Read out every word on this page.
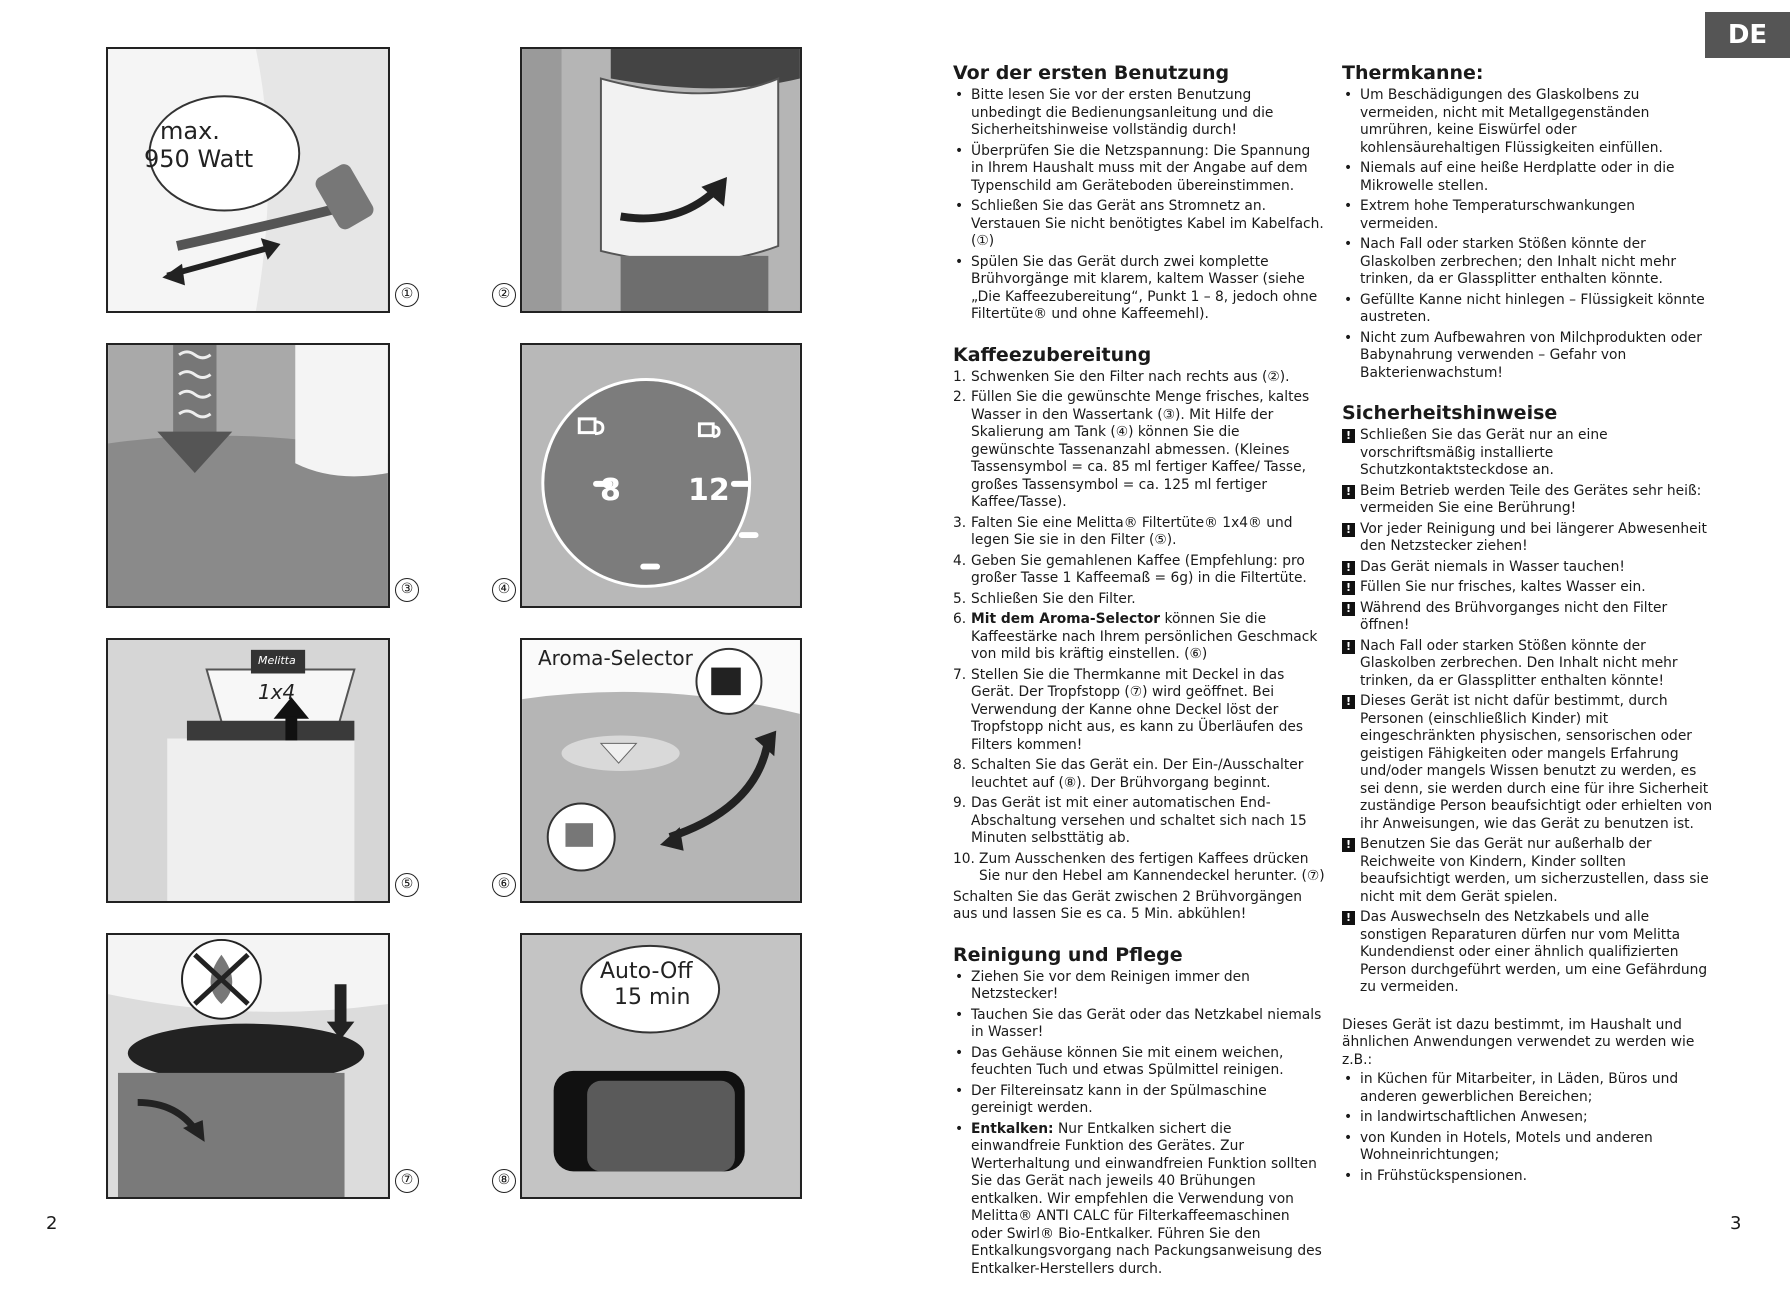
DE
max.
950 Watt
①	②
③
8 12
④
Melitta
1x4
⑤
Aroma-Selector
⑥
⑦
Auto-Off
15 min
⑧
2	3
Vor der ersten Benutzung
• Bitte lesen Sie vor der ersten Benutzung unbedingt die Bedienungsanleitung und die Sicherheitshinweise vollständig durch!
• Überprüfen Sie die Netzspannung: Die Spannung in Ihrem Haushalt muss mit der Angabe auf dem Typenschild am Geräteboden übereinstimmen.
• Schließen Sie das Gerät ans Stromnetz an. Verstauen Sie nicht benötigtes Kabel im Kabelfach. (①)
• Spülen Sie das Gerät durch zwei komplette Brühvorgänge mit klarem, kaltem Wasser (siehe „Die Kaffeezubereitung“, Punkt 1 – 8, jedoch ohne Filtertüte® und ohne Kaffeemehl).
Kaffeezubereitung
1. Schwenken Sie den Filter nach rechts aus (②).
2. Füllen Sie die gewünschte Menge frisches, kaltes Wasser in den Wassertank (③). Mit Hilfe der Skalierung am Tank (④) können Sie die gewünschte Tassenanzahl abmessen. (Kleines Tassensymbol = ca. 85 ml fertiger Kaffee/ Tasse, großes Tassensymbol = ca. 125 ml fertiger Kaffee/Tasse).
3. Falten Sie eine Melitta® Filtertüte® 1x4® und legen Sie sie in den Filter (⑤).
4. Geben Sie gemahlenen Kaffee (Empfehlung: pro großer Tasse 1 Kaffeemaß = 6g) in die Filtertüte.
5. Schließen Sie den Filter.
6. Mit dem Aroma-Selector können Sie die Kaffeestärke nach Ihrem persönlichen Geschmack von mild bis kräftig einstellen. (⑥)
7. Stellen Sie die Thermkanne mit Deckel in das Gerät. Der Tropfstopp (⑦) wird geöffnet. Bei Verwendung der Kanne ohne Deckel löst der Tropfstopp nicht aus, es kann zu Überläufen des Filters kommen!
8. Schalten Sie das Gerät ein. Der Ein-/Ausschalter leuchtet auf (⑧). Der Brühvorgang beginnt.
9. Das Gerät ist mit einer automatischen End-Abschaltung versehen und schaltet sich nach 15 Minuten selbsttätig ab.
10. Zum Ausschenken des fertigen Kaffees drücken Sie nur den Hebel am Kannendeckel herunter. (⑦)

Schalten Sie das Gerät zwischen 2 Brühvorgängen aus und lassen Sie es ca. 5 Min. abkühlen!

Reinigung und Pflege
• Ziehen Sie vor dem Reinigen immer den Netzstecker!
• Tauchen Sie das Gerät oder das Netzkabel niemals in Wasser!
• Das Gehäuse können Sie mit einem weichen, feuchten Tuch und etwas Spülmittel reinigen.
• Der Filtereinsatz kann in der Spülmaschine gereinigt werden.
• Entkalken: Nur Entkalken sichert die einwandfreie Funktion des Gerätes. Zur Werterhaltung und einwandfreien Funktion sollten Sie das Gerät nach jeweils 40 Brühungen entkalken. Wir empfehlen die Verwendung von Melitta® ANTI CALC für Filterkaffeemaschinen oder Swirl® Bio-Entkalker. Führen Sie den Entkalkungsvorgang nach Packungsanweisung des Entkalker-Herstellers durch.
Thermkanne:
• Um Beschädigungen des Glaskolbens zu vermeiden, nicht mit Metallgegenständen umrühren, keine Eiswürfel oder kohlensäurehaltigen Flüssigkeiten einfüllen.
• Niemals auf eine heiße Herdplatte oder in die Mikrowelle stellen.
• Extrem hohe Temperaturschwankungen vermeiden.
• Nach Fall oder starken Stößen könnte der Glaskolben zerbrechen; den Inhalt nicht mehr trinken, da er Glassplitter enthalten könnte.
• Gefüllte Kanne nicht hinlegen – Flüssigkeit könnte austreten.
• Nicht zum Aufbewahren von Milchprodukten oder Babynahrung verwenden – Gefahr von Bakterienwachstum!
Sicherheitshinweise
• ! Schließen Sie das Gerät nur an eine vorschriftsmäßig installierte Schutzkontaktsteckdose an.
• ! Beim Betrieb werden Teile des Gerätes sehr heiß: vermeiden Sie eine Berührung!
• ! Vor jeder Reinigung und bei längerer Abwesenheit den Netzstecker ziehen!
• ! Das Gerät niemals in Wasser tauchen!
• ! Füllen Sie nur frisches, kaltes Wasser ein.
• ! Während des Brühvorganges nicht den Filter öffnen!
• ! Nach Fall oder starken Stößen könnte der Glaskolben zerbrechen. Den Inhalt nicht mehr trinken, da er Glassplitter enthalten könnte!
• ! Dieses Gerät ist nicht dafür bestimmt, durch Personen (einschließlich Kinder) mit eingeschränkten physischen, sensorischen oder geistigen Fähigkeiten oder mangels Erfahrung und/oder mangels Wissen benutzt zu werden, es sei denn, sie werden durch eine für ihre Sicherheit zuständige Person beaufsichtigt oder erhielten von ihr Anweisungen, wie das Gerät zu benutzen ist.
• ! Benutzen Sie das Gerät nur außerhalb der Reichweite von Kindern, Kinder sollten beaufsichtigt werden, um sicherzustellen, dass sie nicht mit dem Gerät spielen.
• ! Das Auswechseln des Netzkabels und alle sonstigen Reparaturen dürfen nur vom Melitta Kundendienst oder einer ähnlich qualifizierten Person durchgeführt werden, um eine Gefährdung zu vermeiden.

Dieses Gerät ist dazu bestimmt, im Haushalt und ähnlichen Anwendungen verwendet zu werden wie z.B.:

• in Küchen für Mitarbeiter, in Läden, Büros und anderen gewerblichen Bereichen;
• in landwirtschaftlichen Anwesen;
• von Kunden in Hotels, Motels und anderen Wohneinrichtungen;
• in Frühstückspensionen.
